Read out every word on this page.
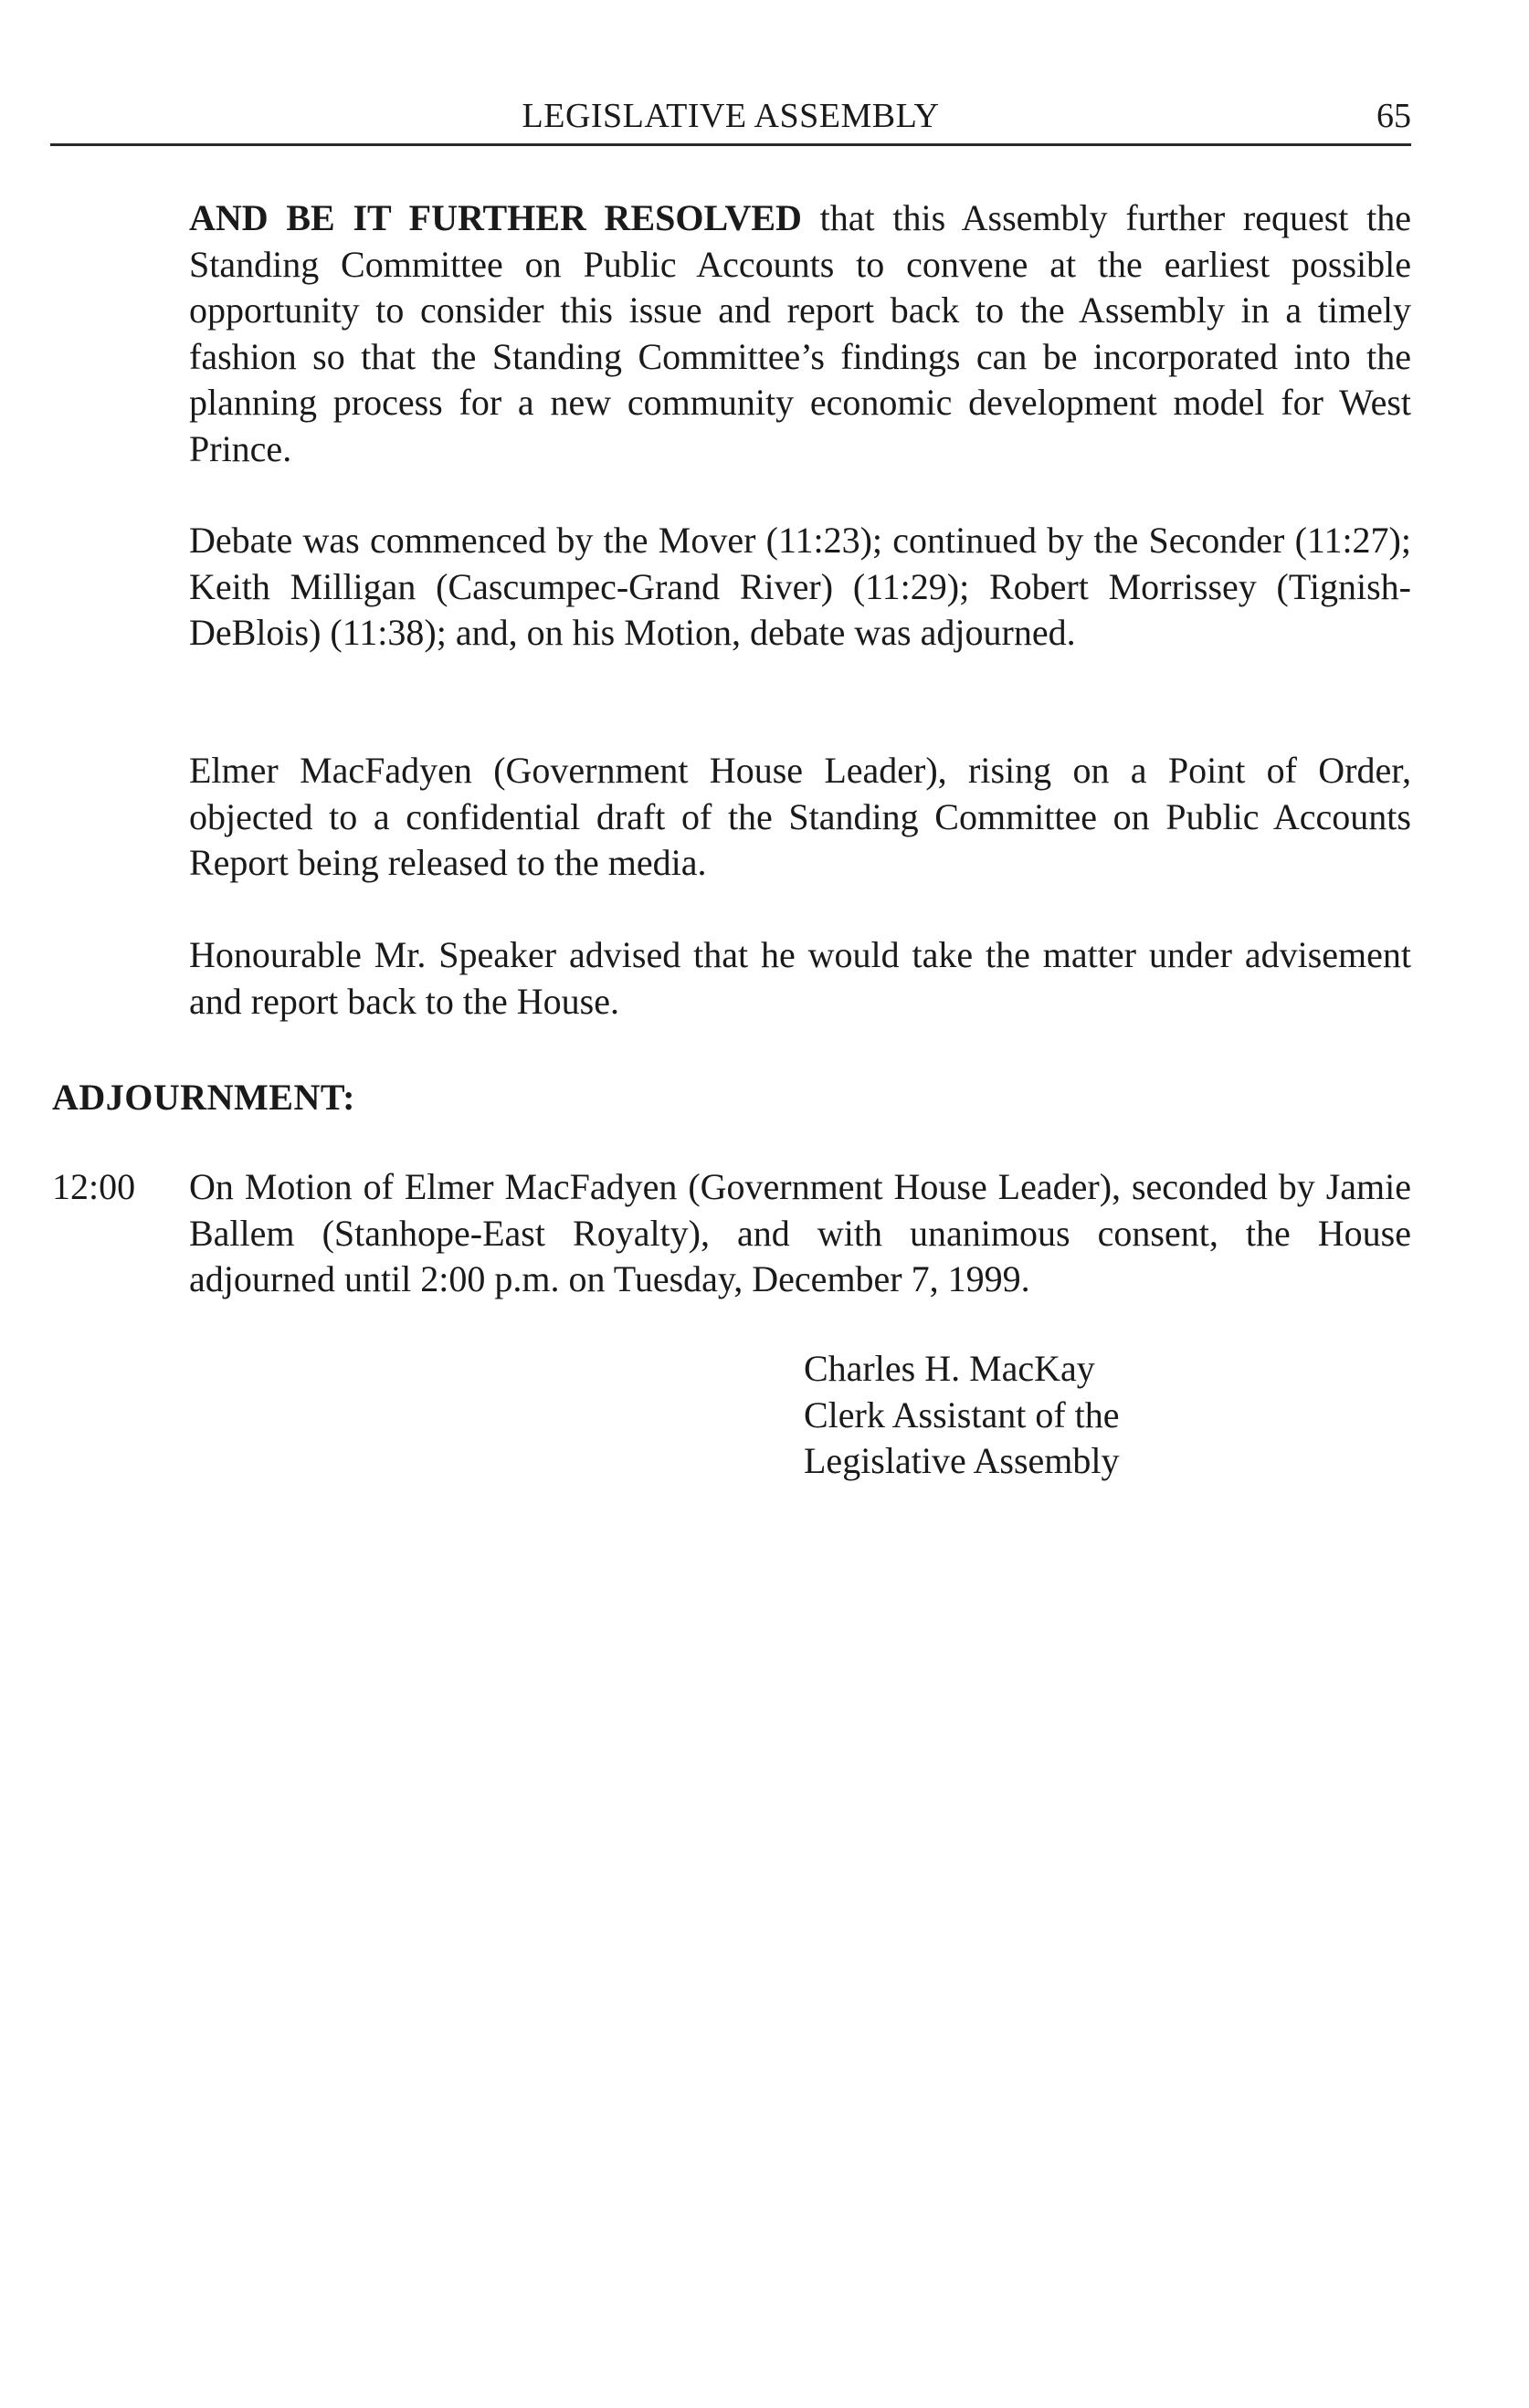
LEGISLATIVE ASSEMBLY	65

AND BE IT FURTHER RESOLVED that this Assembly further request the Standing Committee on Public Accounts to convene at the earliest possible opportunity to consider this issue and report back to the Assembly in a timely fashion so that the Standing Committee’s findings can be incorporated into the planning process for a new community economic development model for West Prince.

Debate was commenced by the Mover (11:23); continued by the Seconder (11:27); Keith Milligan (Cascumpec-Grand River) (11:29); Robert Morrissey (Tignish-DeBlois) (11:38); and, on his Motion, debate was adjourned.

Elmer MacFadyen (Government House Leader), rising on a Point of Order, objected to a confidential draft of the Standing Committee on Public Accounts Report being released to the media.

Honourable Mr. Speaker advised that he would take the matter under advisement and report back to the House.

ADJOURNMENT:
12:00 On Motion of Elmer MacFadyen (Government House Leader), seconded by Jamie Ballem (Stanhope-East Royalty), and with unanimous consent, the House adjourned until 2:00 p.m. on Tuesday, December 7, 1999.

Charles H. MacKay
Clerk Assistant of the
Legislative Assembly
